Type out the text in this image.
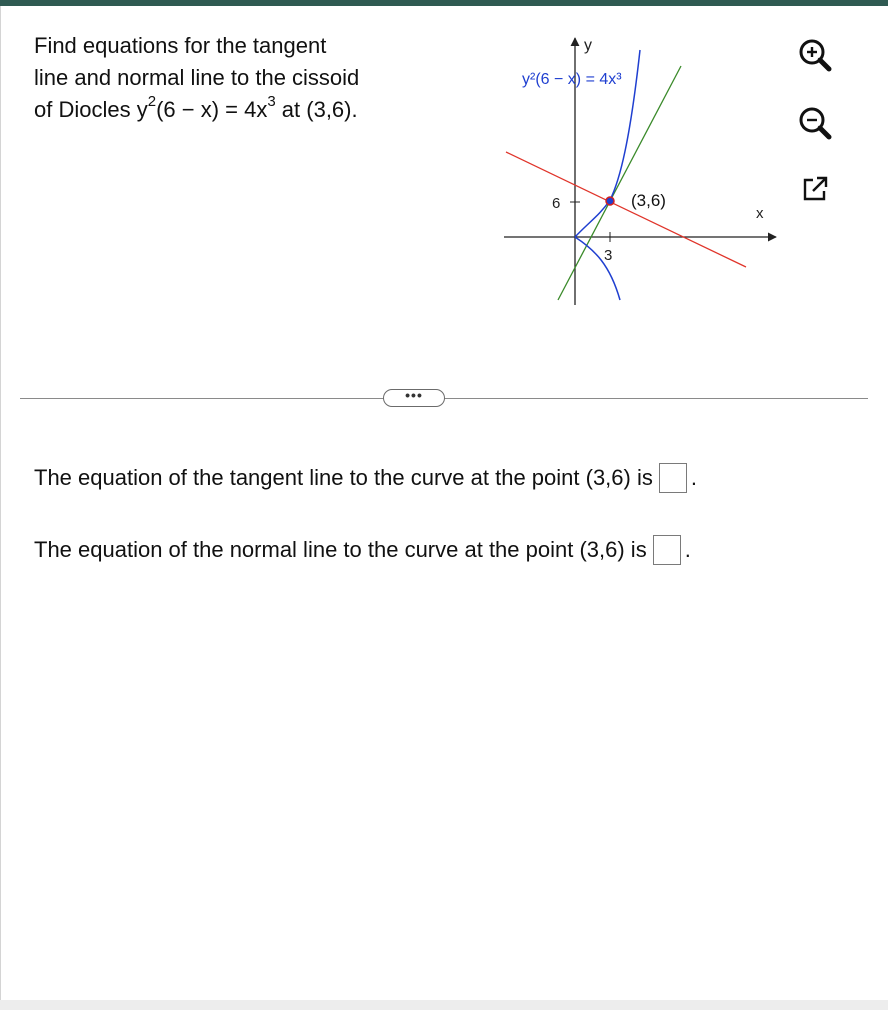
Find equations for the tangent

line and normal line to the cissoid

of Diocles $y^2(6 - x) = 4x^3$ at (3,6).

6
3
(3,6)
y
x
y²(6 − x) = 4x³
•••
The equation of the tangent line to the curve at the point (3,6) is .
The equation of the normal line to the curve at the point (3,6) is .
